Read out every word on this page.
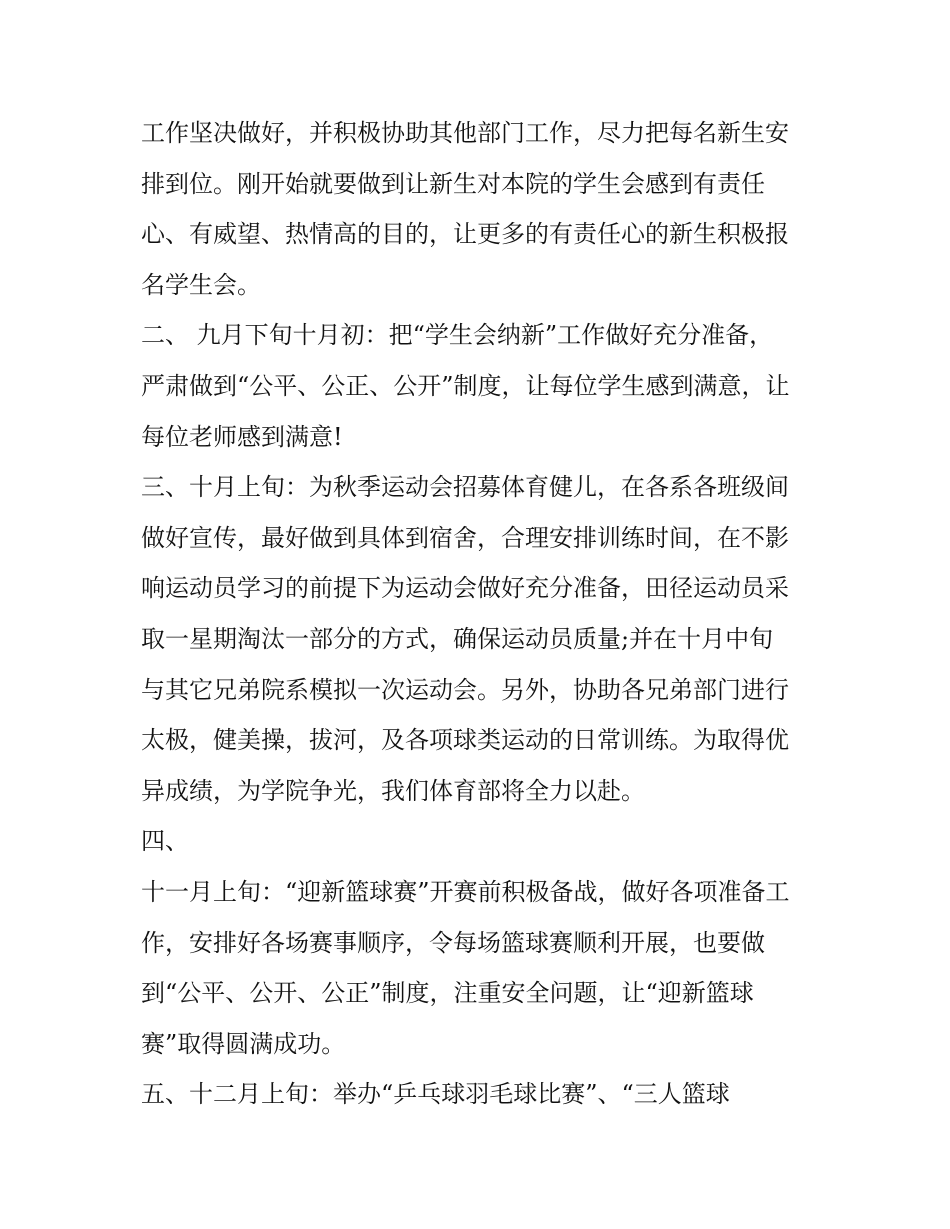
工作坚决做好，并积极协助其他部门工作，尽力把每名新生安
排到位。刚开始就要做到让新生对本院的学生会感到有责任
心、有威望、热情高的目的，让更多的有责任心的新生积极报
名学生会。
二、 九月下旬十月初：把“学生会纳新”工作做好充分准备，
严肃做到“公平、公正、公开”制度，让每位学生感到满意，让
每位老师感到满意!
三、十月上旬：为秋季运动会招募体育健儿，在各系各班级间
做好宣传，最好做到具体到宿舍，合理安排训练时间，在不影
响运动员学习的前提下为运动会做好充分准备，田径运动员采
取一星期淘汰一部分的方式，确保运动员质量;并在十月中旬
与其它兄弟院系模拟一次运动会。另外，协助各兄弟部门进行
太极，健美操，拔河，及各项球类运动的日常训练。为取得优
异成绩，为学院争光，我们体育部将全力以赴。
四、
十一月上旬：“迎新篮球赛”开赛前积极备战，做好各项准备工
作，安排好各场赛事顺序，令每场篮球赛顺利开展，也要做
到“公平、公开、公正”制度，注重安全问题，让“迎新篮球
赛”取得圆满成功。
五、十二月上旬：举办“乒乓球羽毛球比赛”、“三人篮球
